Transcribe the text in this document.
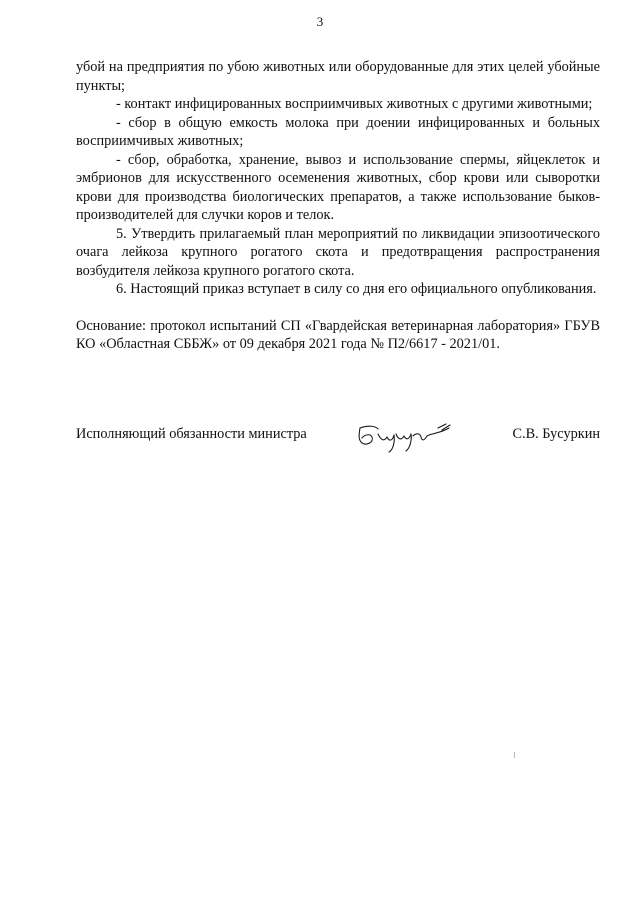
3

убой на предприятия по убою животных или оборудованные для этих целей убойные пункты;

- контакт инфицированных восприимчивых животных с другими животными;

- сбор в общую емкость молока при доении инфицированных и больных восприимчивых животных;

- сбор, обработка, хранение, вывоз и использование спермы, яйцеклеток и эмбрионов для искусственного осеменения животных, сбор крови или сыворотки крови для производства биологических препаратов, а также использование быков-производителей для случки коров и телок.

5. Утвердить прилагаемый план мероприятий по ликвидации эпизоотического очага лейкоза крупного рогатого скота и предотвращения распространения возбудителя лейкоза крупного рогатого скота.

6. Настоящий приказ вступает в силу со дня его официального опубликования.

Основание: протокол испытаний СП «Гвардейская ветеринарная лаборатория» ГБУВ КО «Областная СББЖ» от 09 декабря 2021 года № П2/6617 - 2021/01.

Исполняющий обязанности министра	С.В. Бусуркин
